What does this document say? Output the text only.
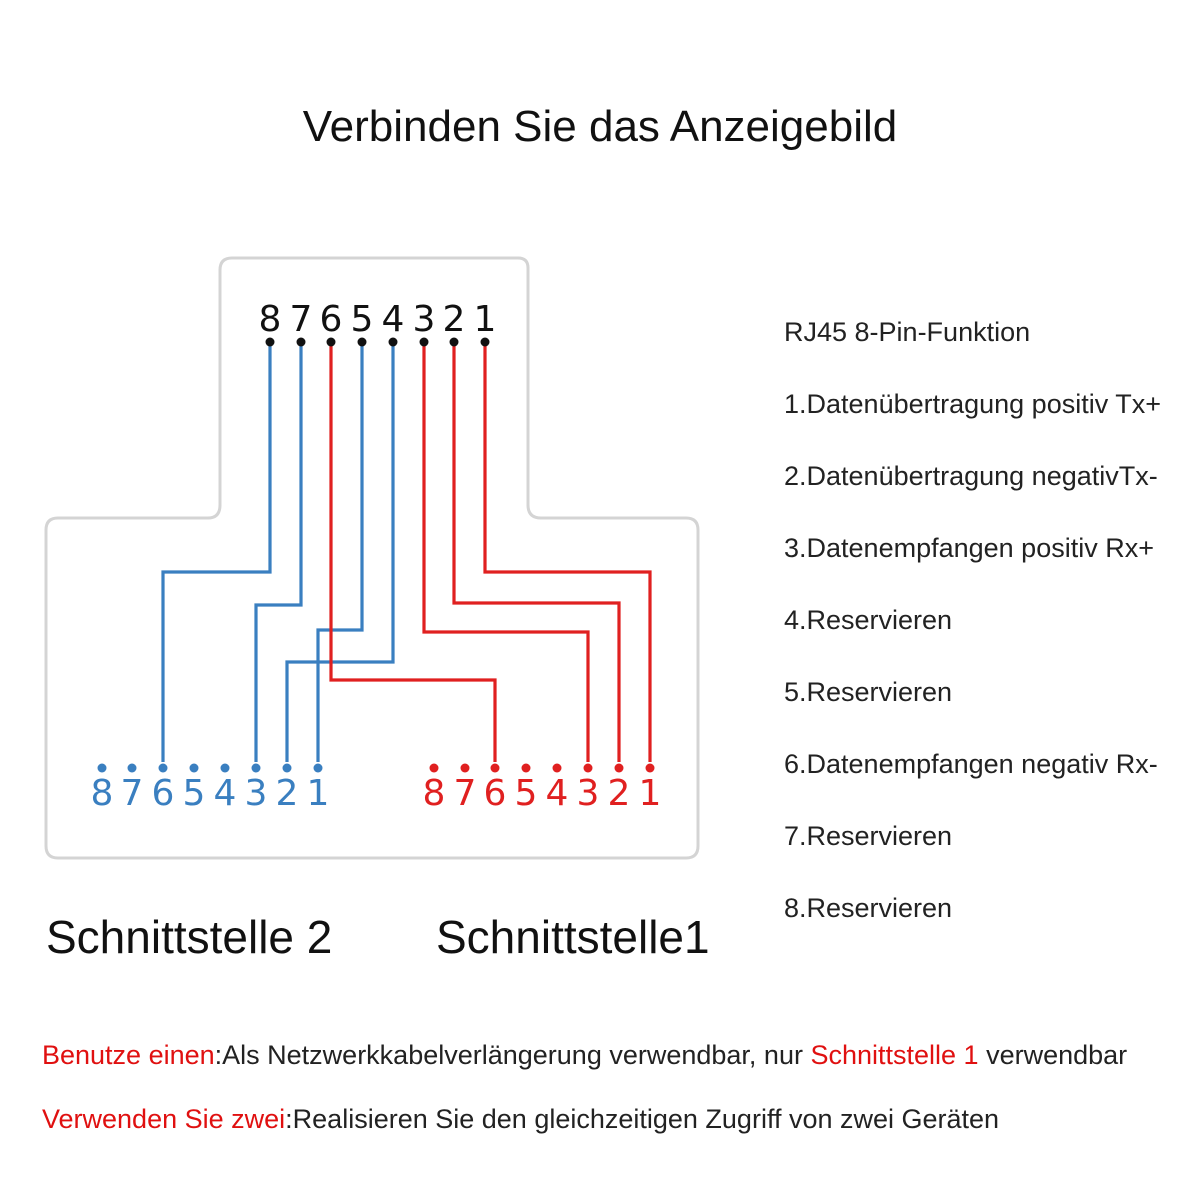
Verbinden Sie das Anzeigebild
8 7 6 5 4 3 2 1
8 7 6 5 4 3 2 1	8 7 6 5 4 3 2 1
Schnittstelle 2 Schnittstelle1
RJ45 8-Pin-Funktion
1.Datenübertragung positiv Tx+
2.Datenübertragung negativTx-
3.Datenempfangen positiv Rx+
4.Reservieren
5.Reservieren
6.Datenempfangen negativ Rx-
7.Reservieren
8.Reservieren
Benutze einen:Als Netzwerkkabelverlängerung verwendbar, nur Schnittstelle 1 verwendbar
Verwenden Sie zwei:Realisieren Sie den gleichzeitigen Zugriff von zwei Geräten
